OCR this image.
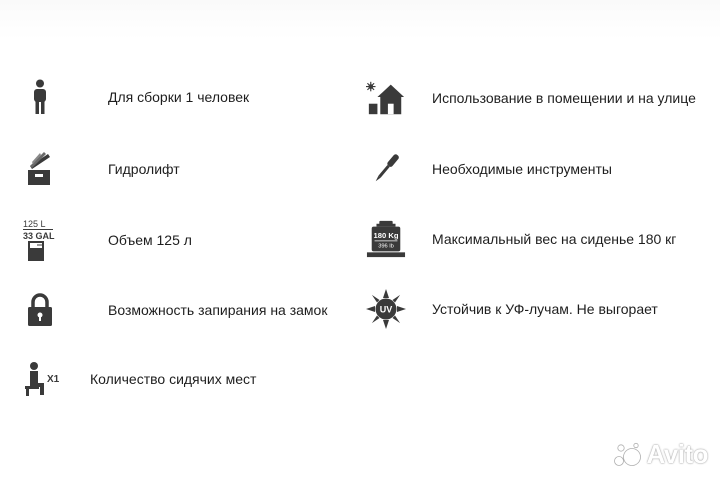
Для сборки 1 человек
Гидролифт
125 L
33 GAL	Объем 125 л
Возможность запирания на замок
X1 Количество сидячих мест
Использование в помещении и на улице
Необходимые инструменты
180 Kg
396 lb	Максимальный вес на сиденье 180 кг
UV	Устойчив к УФ-лучам. Не выгорает
Avito
